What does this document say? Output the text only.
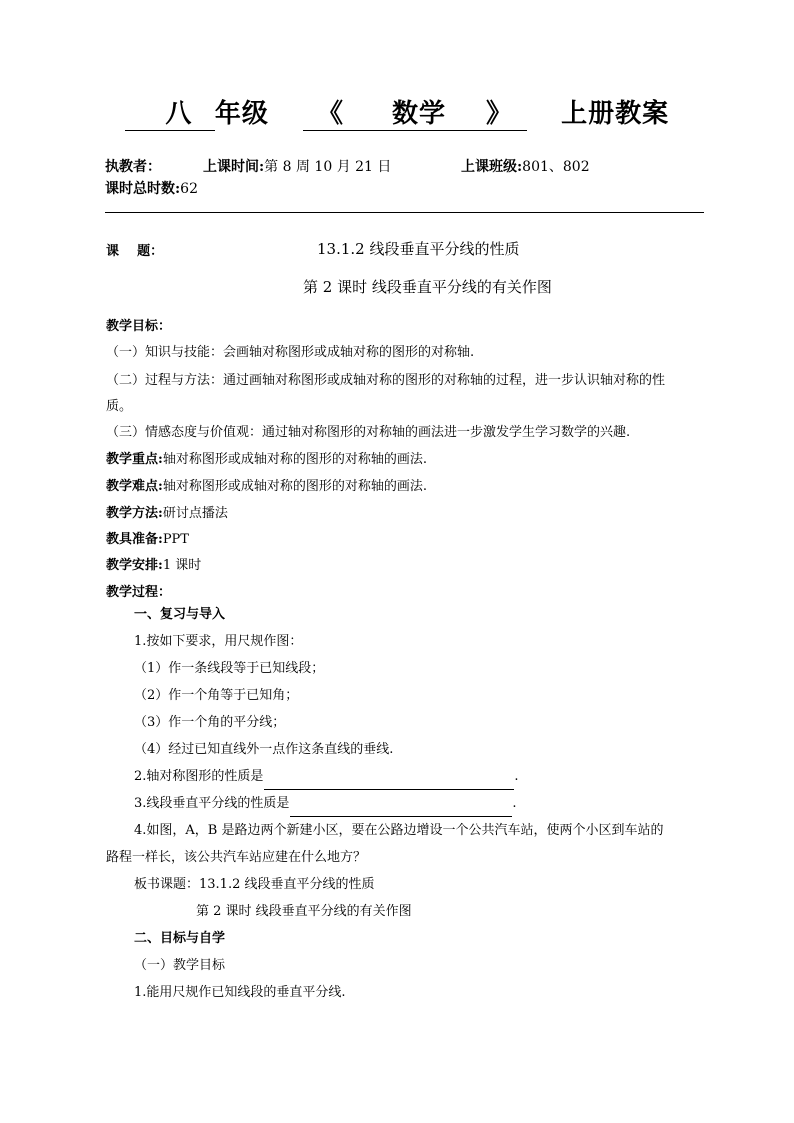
八 年级 《 数学 》 上册教案
执教者：	上课时间:第 8 周 10 月 21 日	上课班级:801、802
课时总时数:62
课    题：	13.1.2 线段垂直平分线的性质
第 2 课时 线段垂直平分线的有关作图
教学目标：
（一）知识与技能：会画轴对称图形或成轴对称的图形的对称轴.
（二）过程与方法：通过画轴对称图形或成轴对称的图形的对称轴的过程，进一步认识轴对称的性
质。
（三）情感态度与价值观：通过轴对称图形的对称轴的画法进一步激发学生学习数学的兴趣.
教学重点:轴对称图形或成轴对称的图形的对称轴的画法.
教学难点:轴对称图形或成轴对称的图形的对称轴的画法.
教学方法:研讨点播法
教具准备:PPT
教学安排:1 课时
教学过程：
一、复习与导入
1.按如下要求，用尺规作图：
（1）作一条线段等于已知线段；
（2）作一个角等于已知角；
（3）作一个角的平分线；
（4）经过已知直线外一点作这条直线的垂线.
2.轴对称图形的性质是	.
3.线段垂直平分线的性质是	.
4.如图，A，B 是路边两个新建小区，要在公路边增设一个公共汽车站，使两个小区到车站的
路程一样长，该公共汽车站应建在什么地方？
板书课题：13.1.2 线段垂直平分线的性质
第 2 课时 线段垂直平分线的有关作图
二、目标与自学
（一）教学目标
1.能用尺规作已知线段的垂直平分线.
